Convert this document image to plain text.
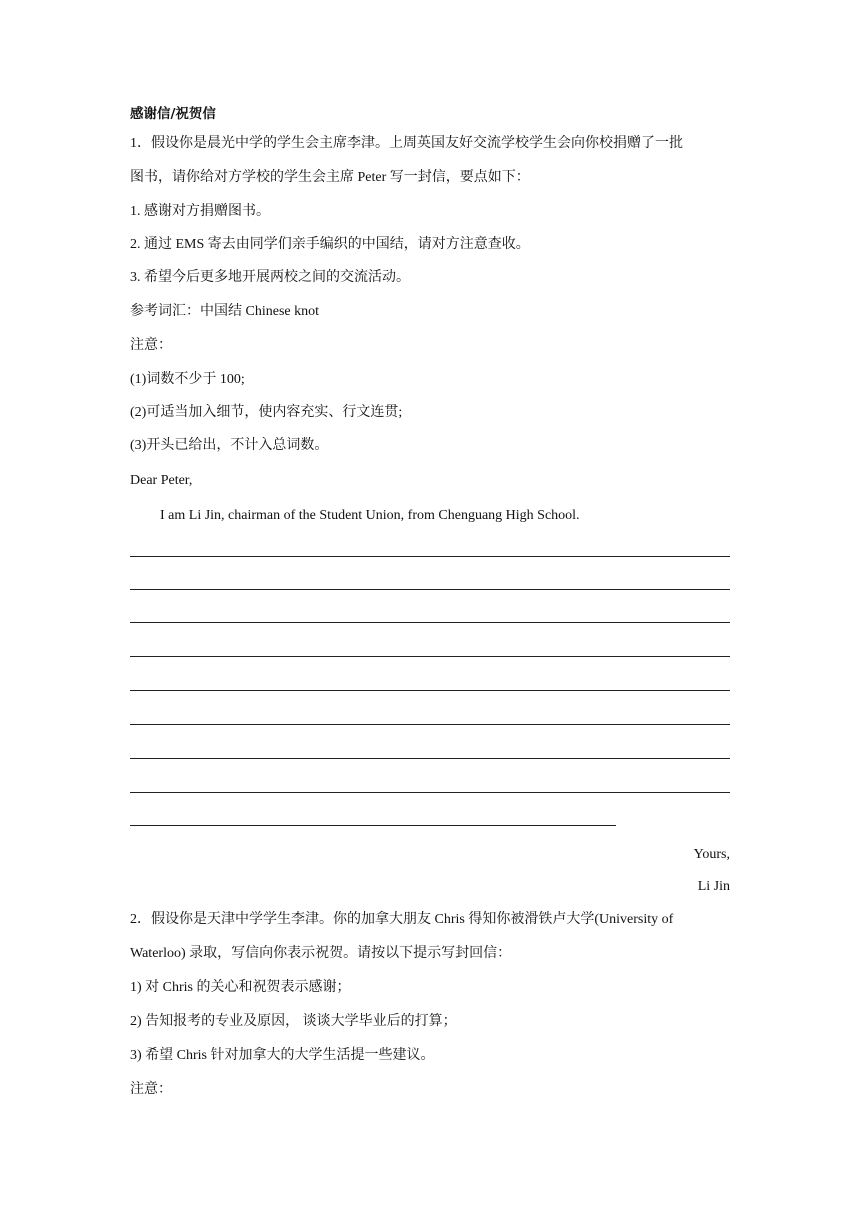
感谢信/祝贺信
1．假设你是晨光中学的学生会主席李津。上周英国友好交流学校学生会向你校捐赠了一批
图书，请你给对方学校的学生会主席 Peter 写一封信，要点如下：
1. 感谢对方捐赠图书。
2. 通过 EMS 寄去由同学们亲手编织的中国结，请对方注意查收。
3. 希望今后更多地开展两校之间的交流活动。
参考词汇：中国结 Chinese knot
注意：
(1)词数不少于 100;
(2)可适当加入细节，使内容充实、行文连贯;
(3)开头已给出，不计入总词数。
Dear Peter,
I am Li Jin, chairman of the Student Union, from Chenguang High School.
Yours,
Li Jin
2．假设你是天津中学学生李津。你的加拿大朋友 Chris 得知你被滑铁卢大学(University of
Waterloo) 录取，写信向你表示祝贺。请按以下提示写封回信：
1) 对 Chris 的关心和祝贺表示感谢；
2) 告知报考的专业及原因， 谈谈大学毕业后的打算；
3) 希望 Chris 针对加拿大的大学生活提一些建议。
注意：
